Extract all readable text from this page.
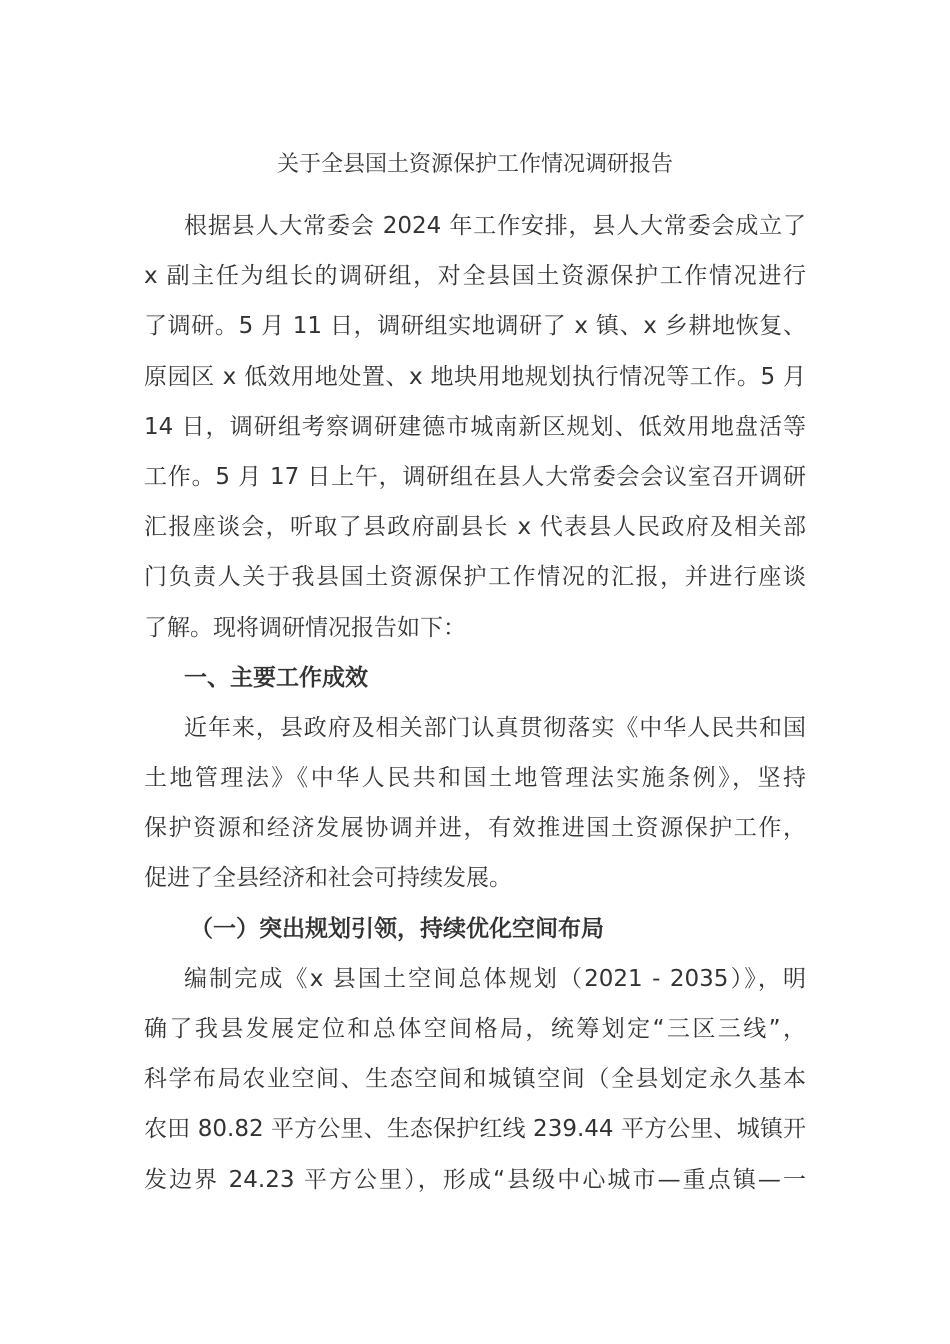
关于全县国土资源保护工作情况调研报告
根据县人大常委会 2024 年工作安排，县人大常委会成立了
x 副主任为组长的调研组，对全县国土资源保护工作情况进行
了调研。5 月 11 日，调研组实地调研了 x 镇、x 乡耕地恢复、
原园区 x 低效用地处置、x 地块用地规划执行情况等工作。5 月
14 日，调研组考察调研建德市城南新区规划、低效用地盘活等
工作。5 月 17 日上午，调研组在县人大常委会会议室召开调研
汇报座谈会，听取了县政府副县长 x 代表县人民政府及相关部
门负责人关于我县国土资源保护工作情况的汇报，并进行座谈
了解。现将调研情况报告如下：
一、主要工作成效
近年来，县政府及相关部门认真贯彻落实《中华人民共和国
土地管理法》《中华人民共和国土地管理法实施条例》，坚持
保护资源和经济发展协调并进，有效推进国土资源保护工作，
促进了全县经济和社会可持续发展。
（一）突出规划引领，持续优化空间布局
编制完成《x 县国土空间总体规划（2021 - 2035）》，明
确了我县发展定位和总体空间格局，统筹划定“三区三线”，
科学布局农业空间、生态空间和城镇空间（全县划定永久基本
农田 80.82 平方公里、生态保护红线 239.44 平方公里、城镇开
发边界 24.23 平方公里），形成“县级中心城市—重点镇—一
